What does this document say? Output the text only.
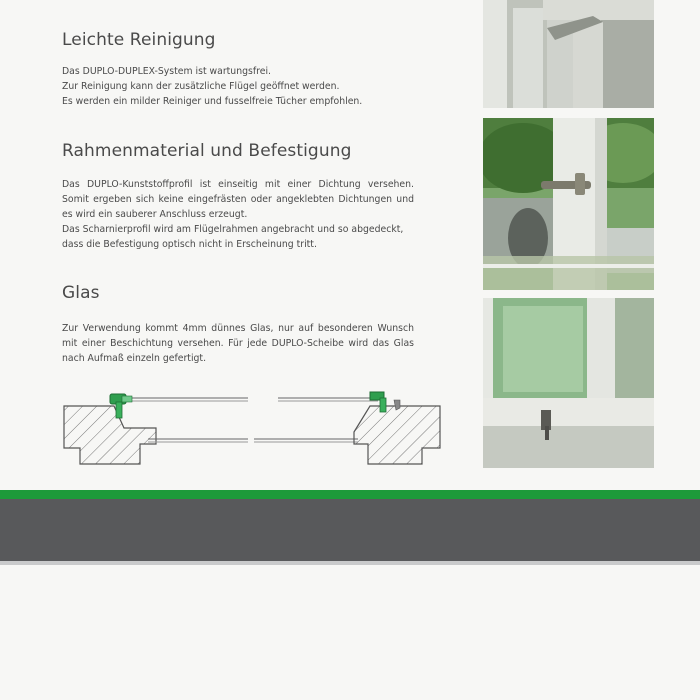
Leichte Reinigung
Das DUPLO-DUPLEX-System ist wartungsfrei.
Zur Reinigung kann der zusätzliche Flügel geöffnet werden.
Es werden ein milder Reiniger und fusselfreie Tücher empfohlen.
Rahmenmaterial und Befestigung
Das DUPLO-Kunststoffprofil ist einseitig mit einer Dichtung versehen.
Somit ergeben sich keine eingefrästen oder angeklebten Dichtungen und
es wird ein sauberer Anschluss erzeugt.
Das Scharnierprofil wird am Flügelrahmen angebracht und so abgedeckt,
dass die Befestigung optisch nicht in Erscheinung tritt.
Glas
Zur Verwendung kommt 4mm dünnes Glas, nur auf besonderen Wunsch
mit einer Beschichtung versehen. Für jede DUPLO-Scheibe wird das Glas
nach Aufmaß einzeln gefertigt.
